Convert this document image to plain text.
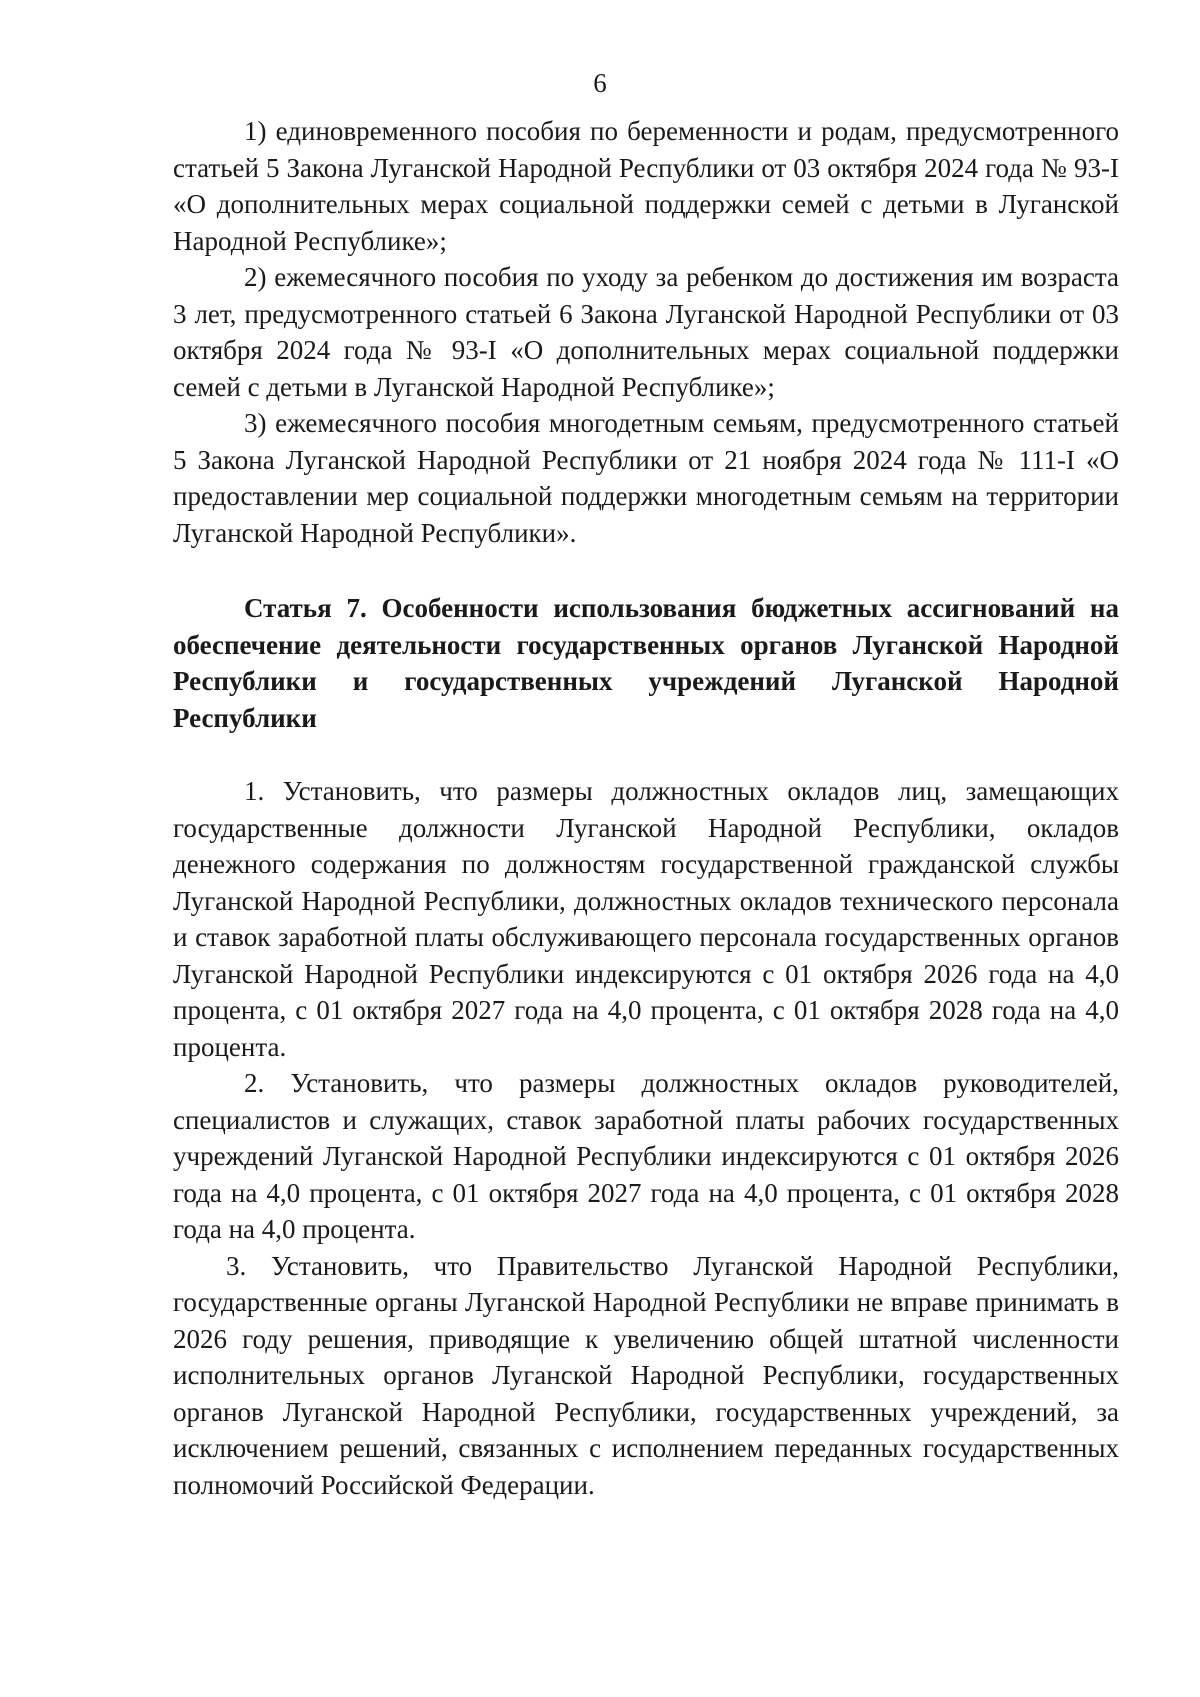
6

1) единовременного пособия по беременности и родам, предусмотренного статьей 5 Закона Луганской Народной Республики от 03 октября 2024 года № 93-I «О дополнительных мерах социальной поддержки семей с детьми в Луганской Народной Республике»;

2) ежемесячного пособия по уходу за ребенком до достижения им возраста 3 лет, предусмотренного статьей 6 Закона Луганской Народной Республики от 03 октября 2024 года № 93-I «О дополнительных мерах социальной поддержки семей с детьми в Луганской Народной Республике»;

3) ежемесячного пособия многодетным семьям, предусмотренного статьей 5 Закона Луганской Народной Республики от 21 ноября 2024 года № 111-I «О предоставлении мер социальной поддержки многодетным семьям на территории Луганской Народной Республики».

Статья 7. Особенности использования бюджетных ассигнований на обеспечение деятельности государственных органов Луганской Народной Республики и государственных учреждений Луганской Народной Республики

1. Установить, что размеры должностных окладов лиц, замещающих государственные должности Луганской Народной Республики, окладов денежного содержания по должностям государственной гражданской службы Луганской Народной Республики, должностных окладов технического персонала и ставок заработной платы обслуживающего персонала государственных органов Луганской Народной Республики индексируются с 01 октября 2026 года на 4,0 процента, с 01 октября 2027 года на 4,0 процента, с 01 октября 2028 года на 4,0 процента.

2. Установить, что размеры должностных окладов руководителей, специалистов и служащих, ставок заработной платы рабочих государственных учреждений Луганской Народной Республики индексируются с 01 октября 2026 года на 4,0 процента, с 01 октября 2027 года на 4,0 процента, с 01 октября 2028 года на 4,0 процента.

3. Установить, что Правительство Луганской Народной Республики, государственные органы Луганской Народной Республики не вправе принимать в 2026 году решения, приводящие к увеличению общей штатной численности исполнительных органов Луганской Народной Республики, государственных органов Луганской Народной Республики, государственных учреждений, за исключением решений, связанных с исполнением переданных государственных полномочий Российской Федерации.
